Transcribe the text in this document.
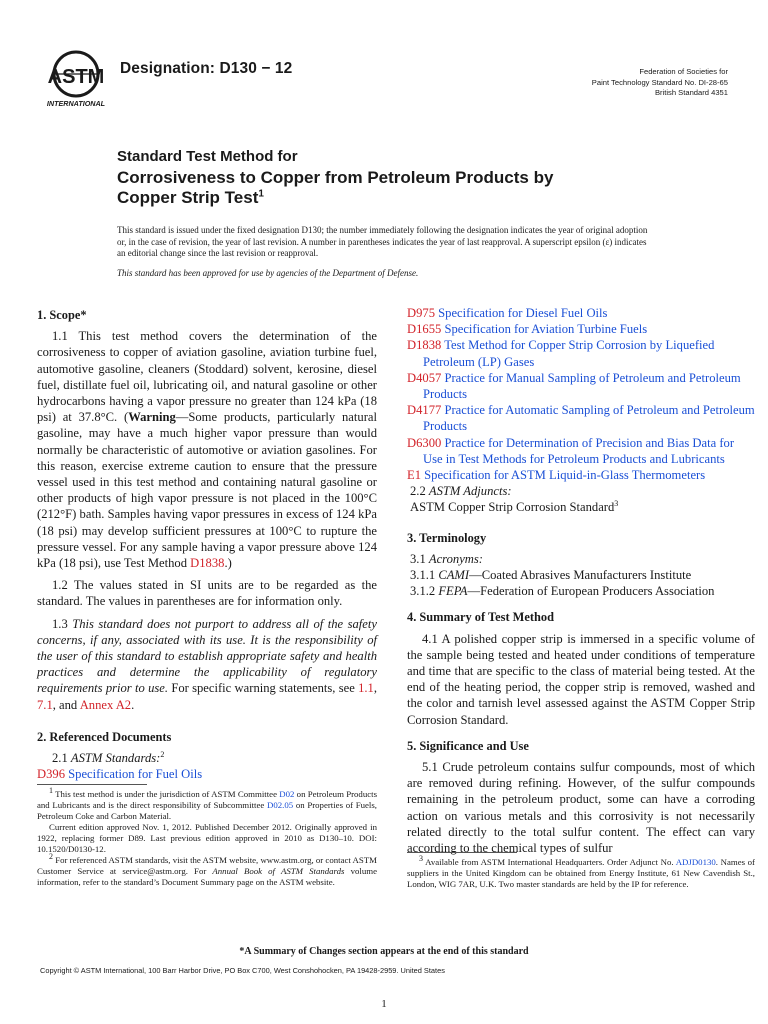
ASTM
INTERNATIONAL
Designation: D130 − 12	Federation of Societies for
Paint Technology Standard No. DI-28-65
British Standard 4351
Standard Test Method for
Corrosiveness to Copper from Petroleum Products by
Copper Strip Test$^1$
This standard is issued under the fixed designation D130; the number immediately following the designation indicates the year of original adoption or, in the case of revision, the year of last revision. A number in parentheses indicates the year of last reapproval. A superscript epsilon (ε) indicates an editorial change since the last revision or reapproval.
This standard has been approved for use by agencies of the Department of Defense.
1. Scope*

1.1 This test method covers the determination of the corrosiveness to copper of aviation gasoline, aviation turbine fuel, automotive gasoline, cleaners (Stoddard) solvent, kerosine, diesel fuel, distillate fuel oil, lubricating oil, and natural gasoline or other hydrocarbons having a vapor pressure no greater than 124 kPa (18 psi) at 37.8°C. (Warning—Some products, particularly natural gasoline, may have a much higher vapor pressure than would normally be characteristic of automotive or aviation gasolines. For this reason, exercise extreme caution to ensure that the pressure vessel used in this test method and containing natural gasoline or other products of high vapor pressure is not placed in the 100°C (212°F) bath. Samples having vapor pressures in excess of 124 kPa (18 psi) may develop sufficient pressures at 100°C to rupture the pressure vessel. For any sample having a vapor pressure above 124 kPa (18 psi), use Test Method D1838.)

1.2 The values stated in SI units are to be regarded as the standard. The values in parentheses are for information only.

1.3 This standard does not purport to address all of the safety concerns, if any, associated with its use. It is the responsibility of the user of this standard to establish appropriate safety and health practices and determine the applicability of regulatory requirements prior to use. For specific warning statements, see 1.1, 7.1, and Annex A2.

2. Referenced Documents

2.1 ASTM Standards:$^2$

D396 Specification for Fuel Oils
D975 Specification for Diesel Fuel Oils
D1655 Specification for Aviation Turbine Fuels
D1838 Test Method for Copper Strip Corrosion by Liquefied Petroleum (LP) Gases
D4057 Practice for Manual Sampling of Petroleum and Petroleum Products
D4177 Practice for Automatic Sampling of Petroleum and Petroleum Products
D6300 Practice for Determination of Precision and Bias Data for Use in Test Methods for Petroleum Products and Lubricants
E1 Specification for ASTM Liquid-in-Glass Thermometers

2.2 ASTM Adjuncts:

ASTM Copper Strip Corrosion Standard$^3$

3. Terminology

3.1 Acronyms:

3.1.1 CAMI—Coated Abrasives Manufacturers Institute

3.1.2 FEPA—Federation of European Producers Association

4. Summary of Test Method

4.1 A polished copper strip is immersed in a specific volume of the sample being tested and heated under conditions of temperature and time that are specific to the class of material being tested. At the end of the heating period, the copper strip is removed, washed and the color and tarnish level assessed against the ASTM Copper Strip Corrosion Standard.

5. Significance and Use

5.1 Crude petroleum contains sulfur compounds, most of which are removed during refining. However, of the sulfur compounds remaining in the petroleum product, some can have a corroding action on various metals and this corrosivity is not necessarily related directly to the total sulfur content. The effect can vary according to the chemical types of sulfur

$^1$ This test method is under the jurisdiction of ASTM Committee D02 on Petroleum Products and Lubricants and is the direct responsibility of Subcommittee D02.05 on Properties of Fuels, Petroleum Coke and Carbon Material.

Current edition approved Nov. 1, 2012. Published December 2012. Originally approved in 1922, replacing former D89. Last previous edition approved in 2010 as D130–10. DOI: 10.1520/D0130-12.

$^2$ For referenced ASTM standards, visit the ASTM website, www.astm.org, or contact ASTM Customer Service at service@astm.org. For Annual Book of ASTM Standards volume information, refer to the standard’s Document Summary page on the ASTM website.

$^3$ Available from ASTM International Headquarters. Order Adjunct No. ADJD0130. Names of suppliers in the United Kingdom can be obtained from Energy Institute, 61 New Cavendish St., London, WIG 7AR, U.K. Two master standards are held by the IP for reference.

*A Summary of Changes section appears at the end of this standard
Copyright © ASTM International, 100 Barr Harbor Drive, PO Box C700, West Conshohocken, PA 19428-2959. United States
1
